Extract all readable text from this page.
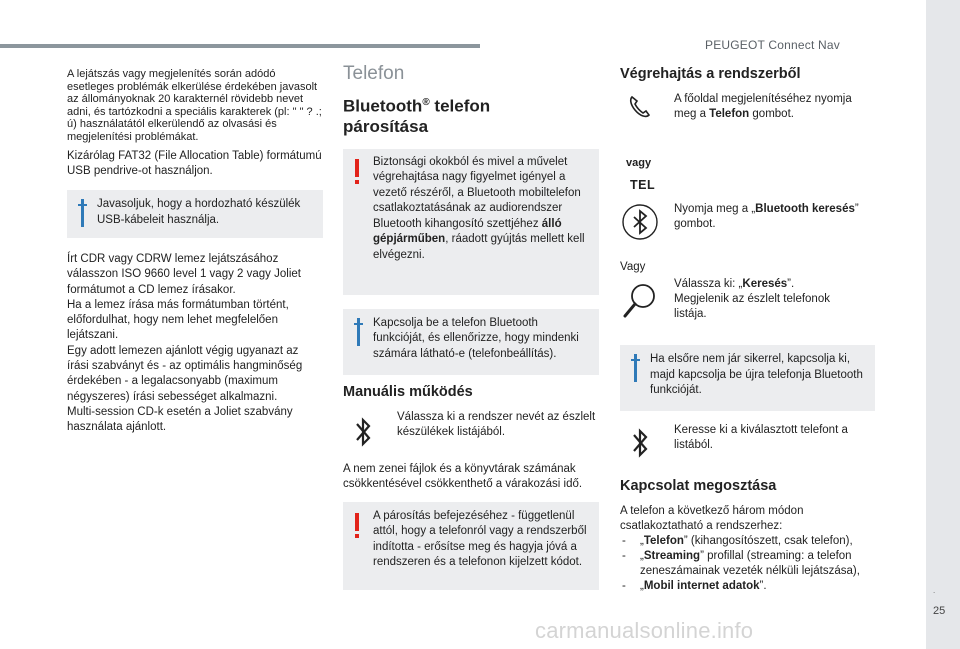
PEUGEOT Connect Nav
.
25

A lejátszás vagy megjelenítés során adódó esetleges problémák elkerülése érdekében javasolt az állományoknak 20 karakternél rövidebb nevet adni, és tartózkodni a speciális karakterek (pl: " " ? .; ú) használatától elkerülendő az olvasási és megjelenítési problémákat.

Kizárólag FAT32 (File Allocation Table) formátumú USB pendrive-ot használjon.

Javasoljuk, hogy a hordozható készülék USB-kábeleit használja.

Írt CDR vagy CDRW lemez lejátszásához válasszon ISO 9660 level 1 vagy 2 vagy Joliet formátumot a CD lemez írásakor.
Ha a lemez írása más formátumban történt, előfordulhat, hogy nem lehet megfelelően lejátszani.
Egy adott lemezen ajánlott végig ugyanazt az írási szabványt és - az optimális hangminőség érdekében - a legalacsonyabb (maximum négyszeres) írási sebességet alkalmazni.
Multi-session CD-k esetén a Joliet szabvány használata ajánlott.

Telefon
Bluetooth® telefon
párosítása
Biztonsági okokból és mivel a művelet végrehajtása nagy figyelmet igényel a vezető részéről, a Bluetooth mobiltelefon csatlakoztatásának az audiorendszer Bluetooth kihangosító szettjéhez álló gépjárműben, ráadott gyújtás mellett kell elvégezni.
Kapcsolja be a telefon Bluetooth funkcióját, és ellenőrizze, hogy mindenki számára látható-e (telefonbeállítás).
Manuális működés
Válassza ki a rendszer nevét az észlelt készülékek listájából.

A nem zenei fájlok és a könyvtárak számának csökkentésével csökkenthető a várakozási idő.

A párosítás befejezéséhez - függetlenül attól, hogy a telefonról vagy a rendszerből indította - erősítse meg és hagyja jóvá a rendszeren és a telefonon kijelzett kódot.
Végrehajtás a rendszerből
vagy
TEL
A főoldal megjelenítéséhez nyomja meg a Telefon gombot.
Nyomja meg a „Bluetooth keresés” gombot.

Vagy

Válassza ki: „Keresés”.
Megjelenik az észlelt telefonok listája.
Ha elsőre nem jár sikerrel, kapcsolja ki, majd kapcsolja be újra telefonja Bluetooth funkcióját.
Keresse ki a kiválasztott telefont a listából.
Kapcsolat megosztása

A telefon a következő három módon csatlakoztatható a rendszerhez:

- „Telefon” (kihangosítószett, csak telefon),
- „Streaming” profillal (streaming: a telefon zeneszámainak vezeték nélküli lejátszása),
- „Mobil internet adatok”.
carmanualsonline.info
